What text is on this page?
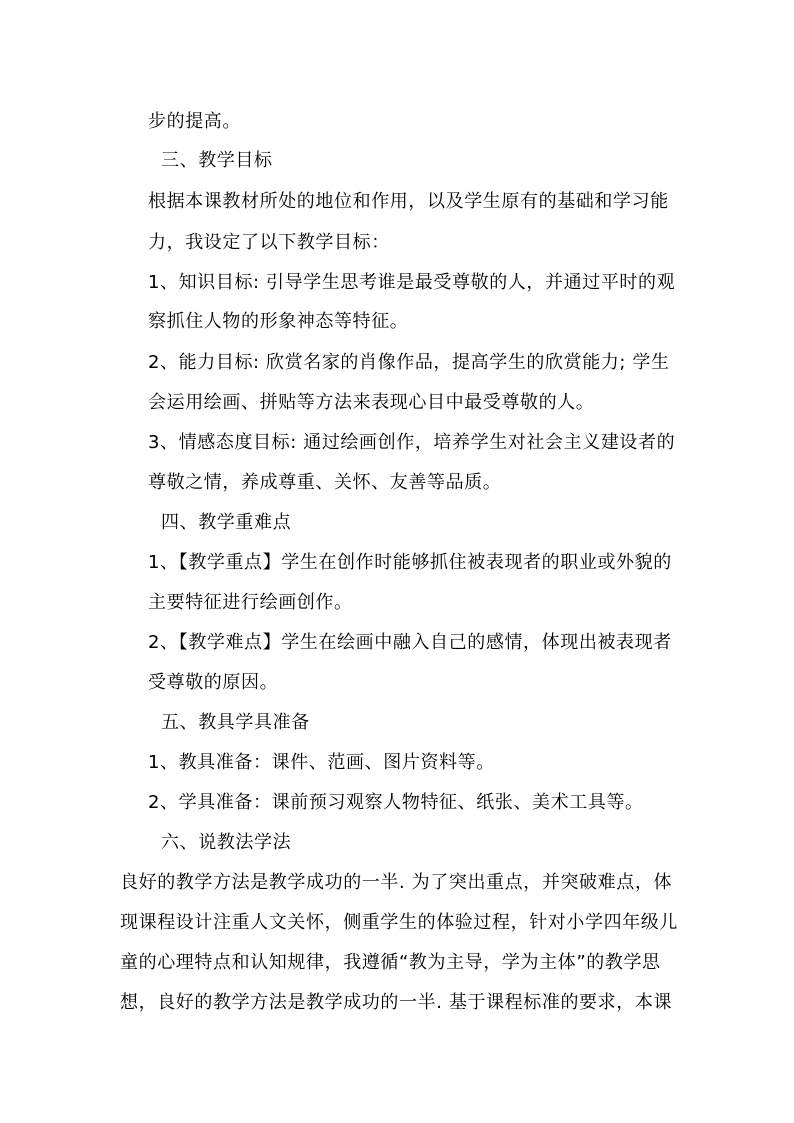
步的提高。

三、教学目标

根据本课教材所处的地位和作用，以及学生原有的基础和学习能

力，我设定了以下教学目标：

1、知识目标: 引导学生思考谁是最受尊敬的人，并通过平时的观

察抓住人物的形象神态等特征。

2、能力目标: 欣赏名家的肖像作品，提高学生的欣赏能力; 学生

会运用绘画、拼贴等方法来表现心目中最受尊敬的人。

3、情感态度目标: 通过绘画创作，培养学生对社会主义建设者的

尊敬之情，养成尊重、关怀、友善等品质。

四、教学重难点

1、【教学重点】学生在创作时能够抓住被表现者的职业或外貌的

主要特征进行绘画创作。

2、【教学难点】学生在绘画中融入自己的感情，体现出被表现者

受尊敬的原因。

五、教具学具准备

1、教具准备：课件、范画、图片资料等。

2、学具准备：课前预习观察人物特征、纸张、美术工具等。

六、说教法学法

良好的教学方法是教学成功的一半. 为了突出重点，并突破难点，体

现课程设计注重人文关怀，侧重学生的体验过程，针对小学四年级儿

童的心理特点和认知规律，我遵循“教为主导，学为主体”的教学思

想，良好的教学方法是教学成功的一半. 基于课程标准的要求，本课
